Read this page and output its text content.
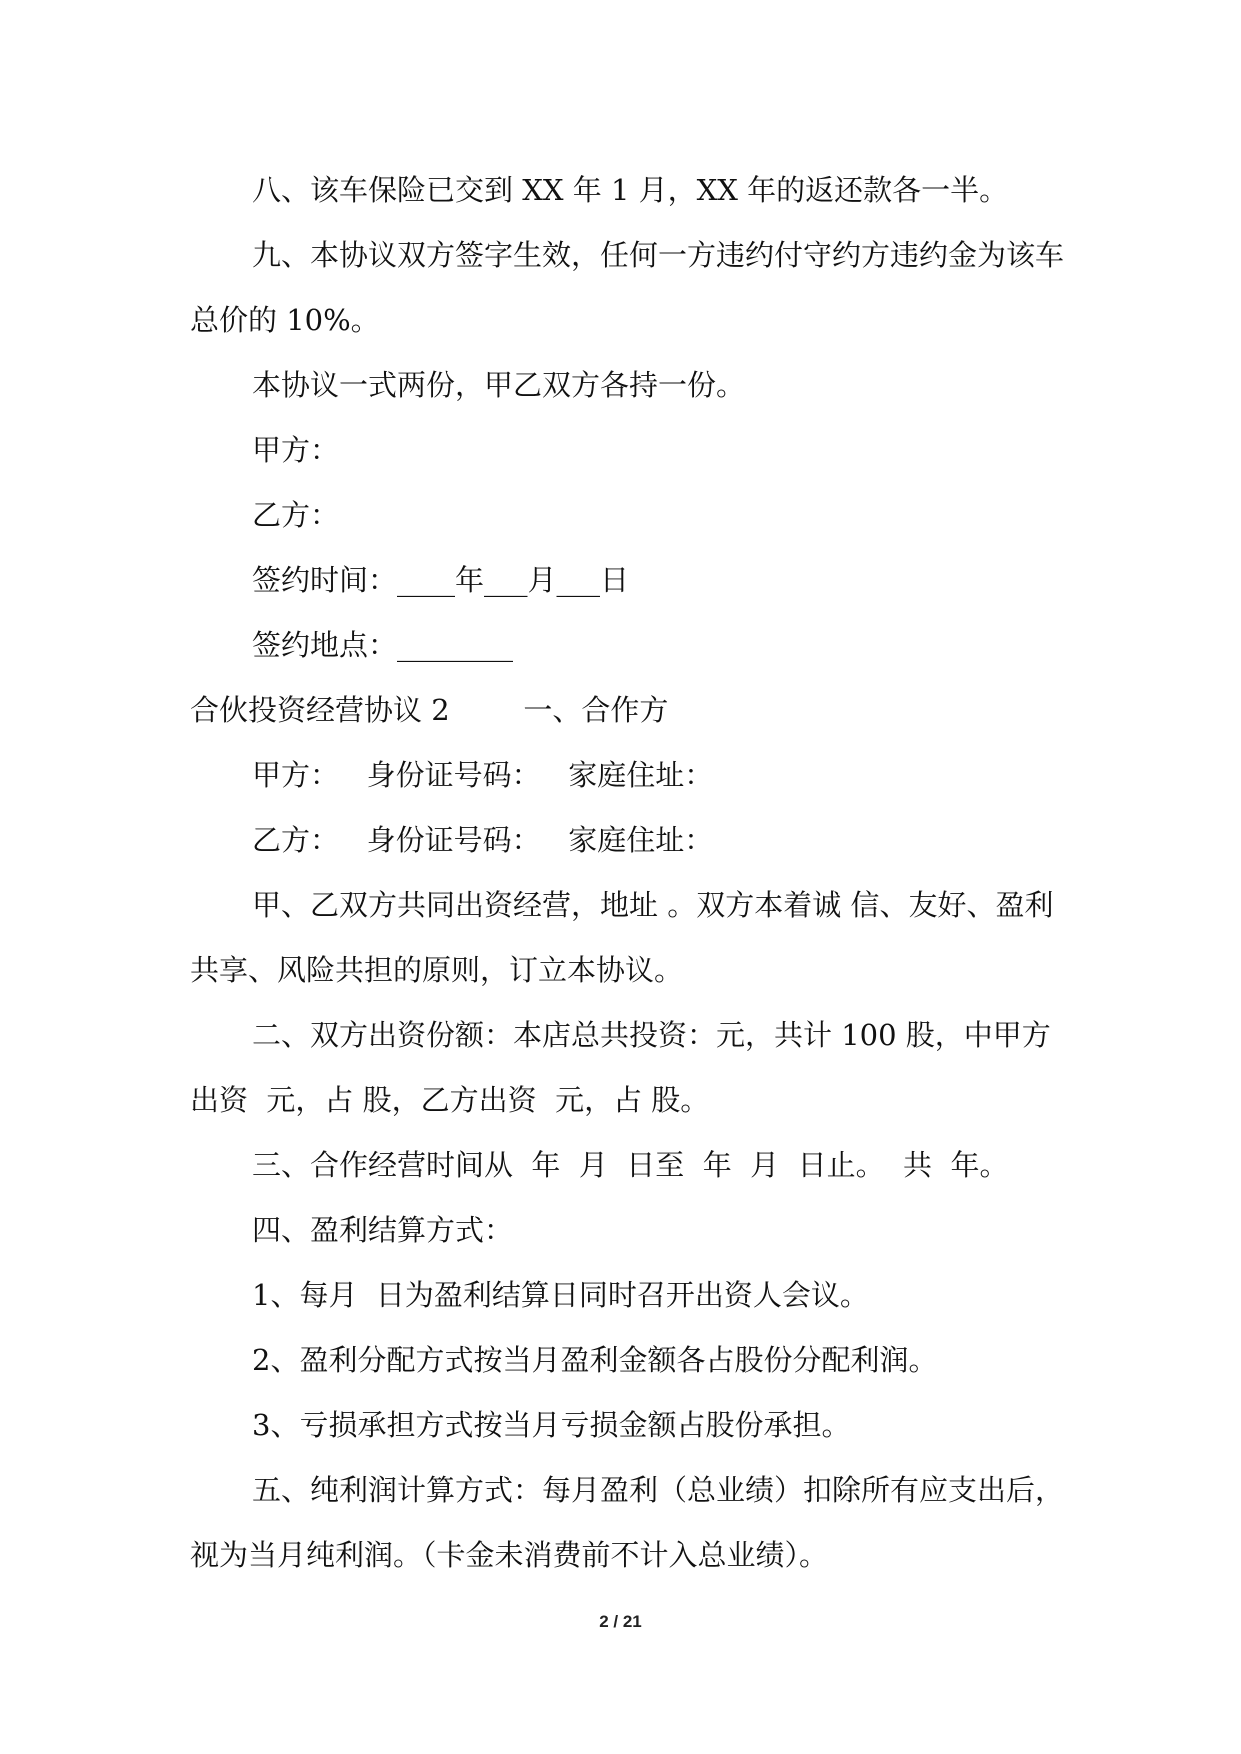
八、该车保险已交到 XX 年 1 月，XX 年的返还款各一半。

九、本协议双方签字生效，任何一方违约付守约方违约金为该车总价的 10%。

本协议一式两份，甲乙双方各持一份。

甲方：

乙方：

签约时间：____年___月___日

签约地点：________

合伙投资经营协议 2        一、合作方

甲方：   身份证号码：   家庭住址：

乙方：   身份证号码：   家庭住址：

甲、乙双方共同出资经营，地址 。双方本着诚 信、友好、盈利共享、风险共担的原则，订立本协议。

二、双方出资份额：本店总共投资：元，共计 100 股，中甲方出资  元，占 股，乙方出资  元，占 股。

三、合作经营时间从  年  月  日至  年  月  日止。  共  年。

四、盈利结算方式：

1、每月  日为盈利结算日同时召开出资人会议。

2、盈利分配方式按当月盈利金额各占股份分配利润。

3、亏损承担方式按当月亏损金额占股份承担。

五、纯利润计算方式：每月盈利（总业绩）扣除所有应支出后，  视为当月纯利润。（卡金未消费前不计入总业绩）。

2 / 21
